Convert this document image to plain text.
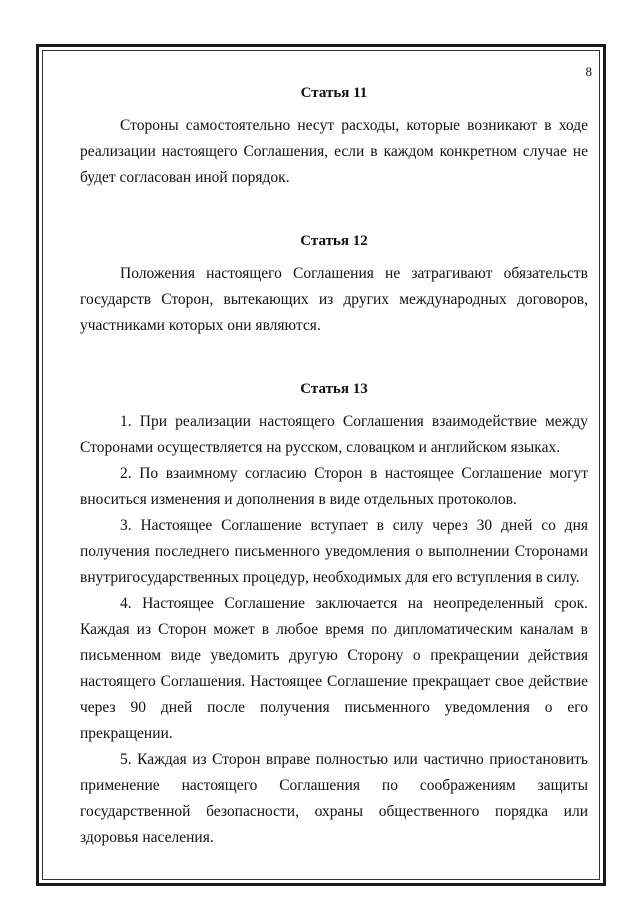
8
Статья 11

Стороны самостоятельно несут расходы, которые возникают в ходе реализации настоящего Соглашения, если в каждом конкретном случае не будет согласован иной порядок.

Статья 12

Положения настоящего Соглашения не затрагивают обязательств государств Сторон, вытекающих из других международных договоров, участниками которых они являются.

Статья 13

1. При реализации настоящего Соглашения взаимодействие между Сторонами осуществляется на русском, словацком и английском языках.

2. По взаимному согласию Сторон в настоящее Соглашение могут вноситься изменения и дополнения в виде отдельных протоколов.

3. Настоящее Соглашение вступает в силу через 30 дней со дня получения последнего письменного уведомления о выполнении Сторонами внутригосударственных процедур, необходимых для его вступления в силу.

4. Настоящее Соглашение заключается на неопределенный срок. Каждая из Сторон может в любое время по дипломатическим каналам в письменном виде уведомить другую Сторону о прекращении действия настоящего Соглашения. Настоящее Соглашение прекращает свое действие через 90 дней после получения письменного уведомления о его прекращении.

5. Каждая из Сторон вправе полностью или частично приостановить применение настоящего Соглашения по соображениям защиты государственной безопасности, охраны общественного порядка или здоровья населения.
